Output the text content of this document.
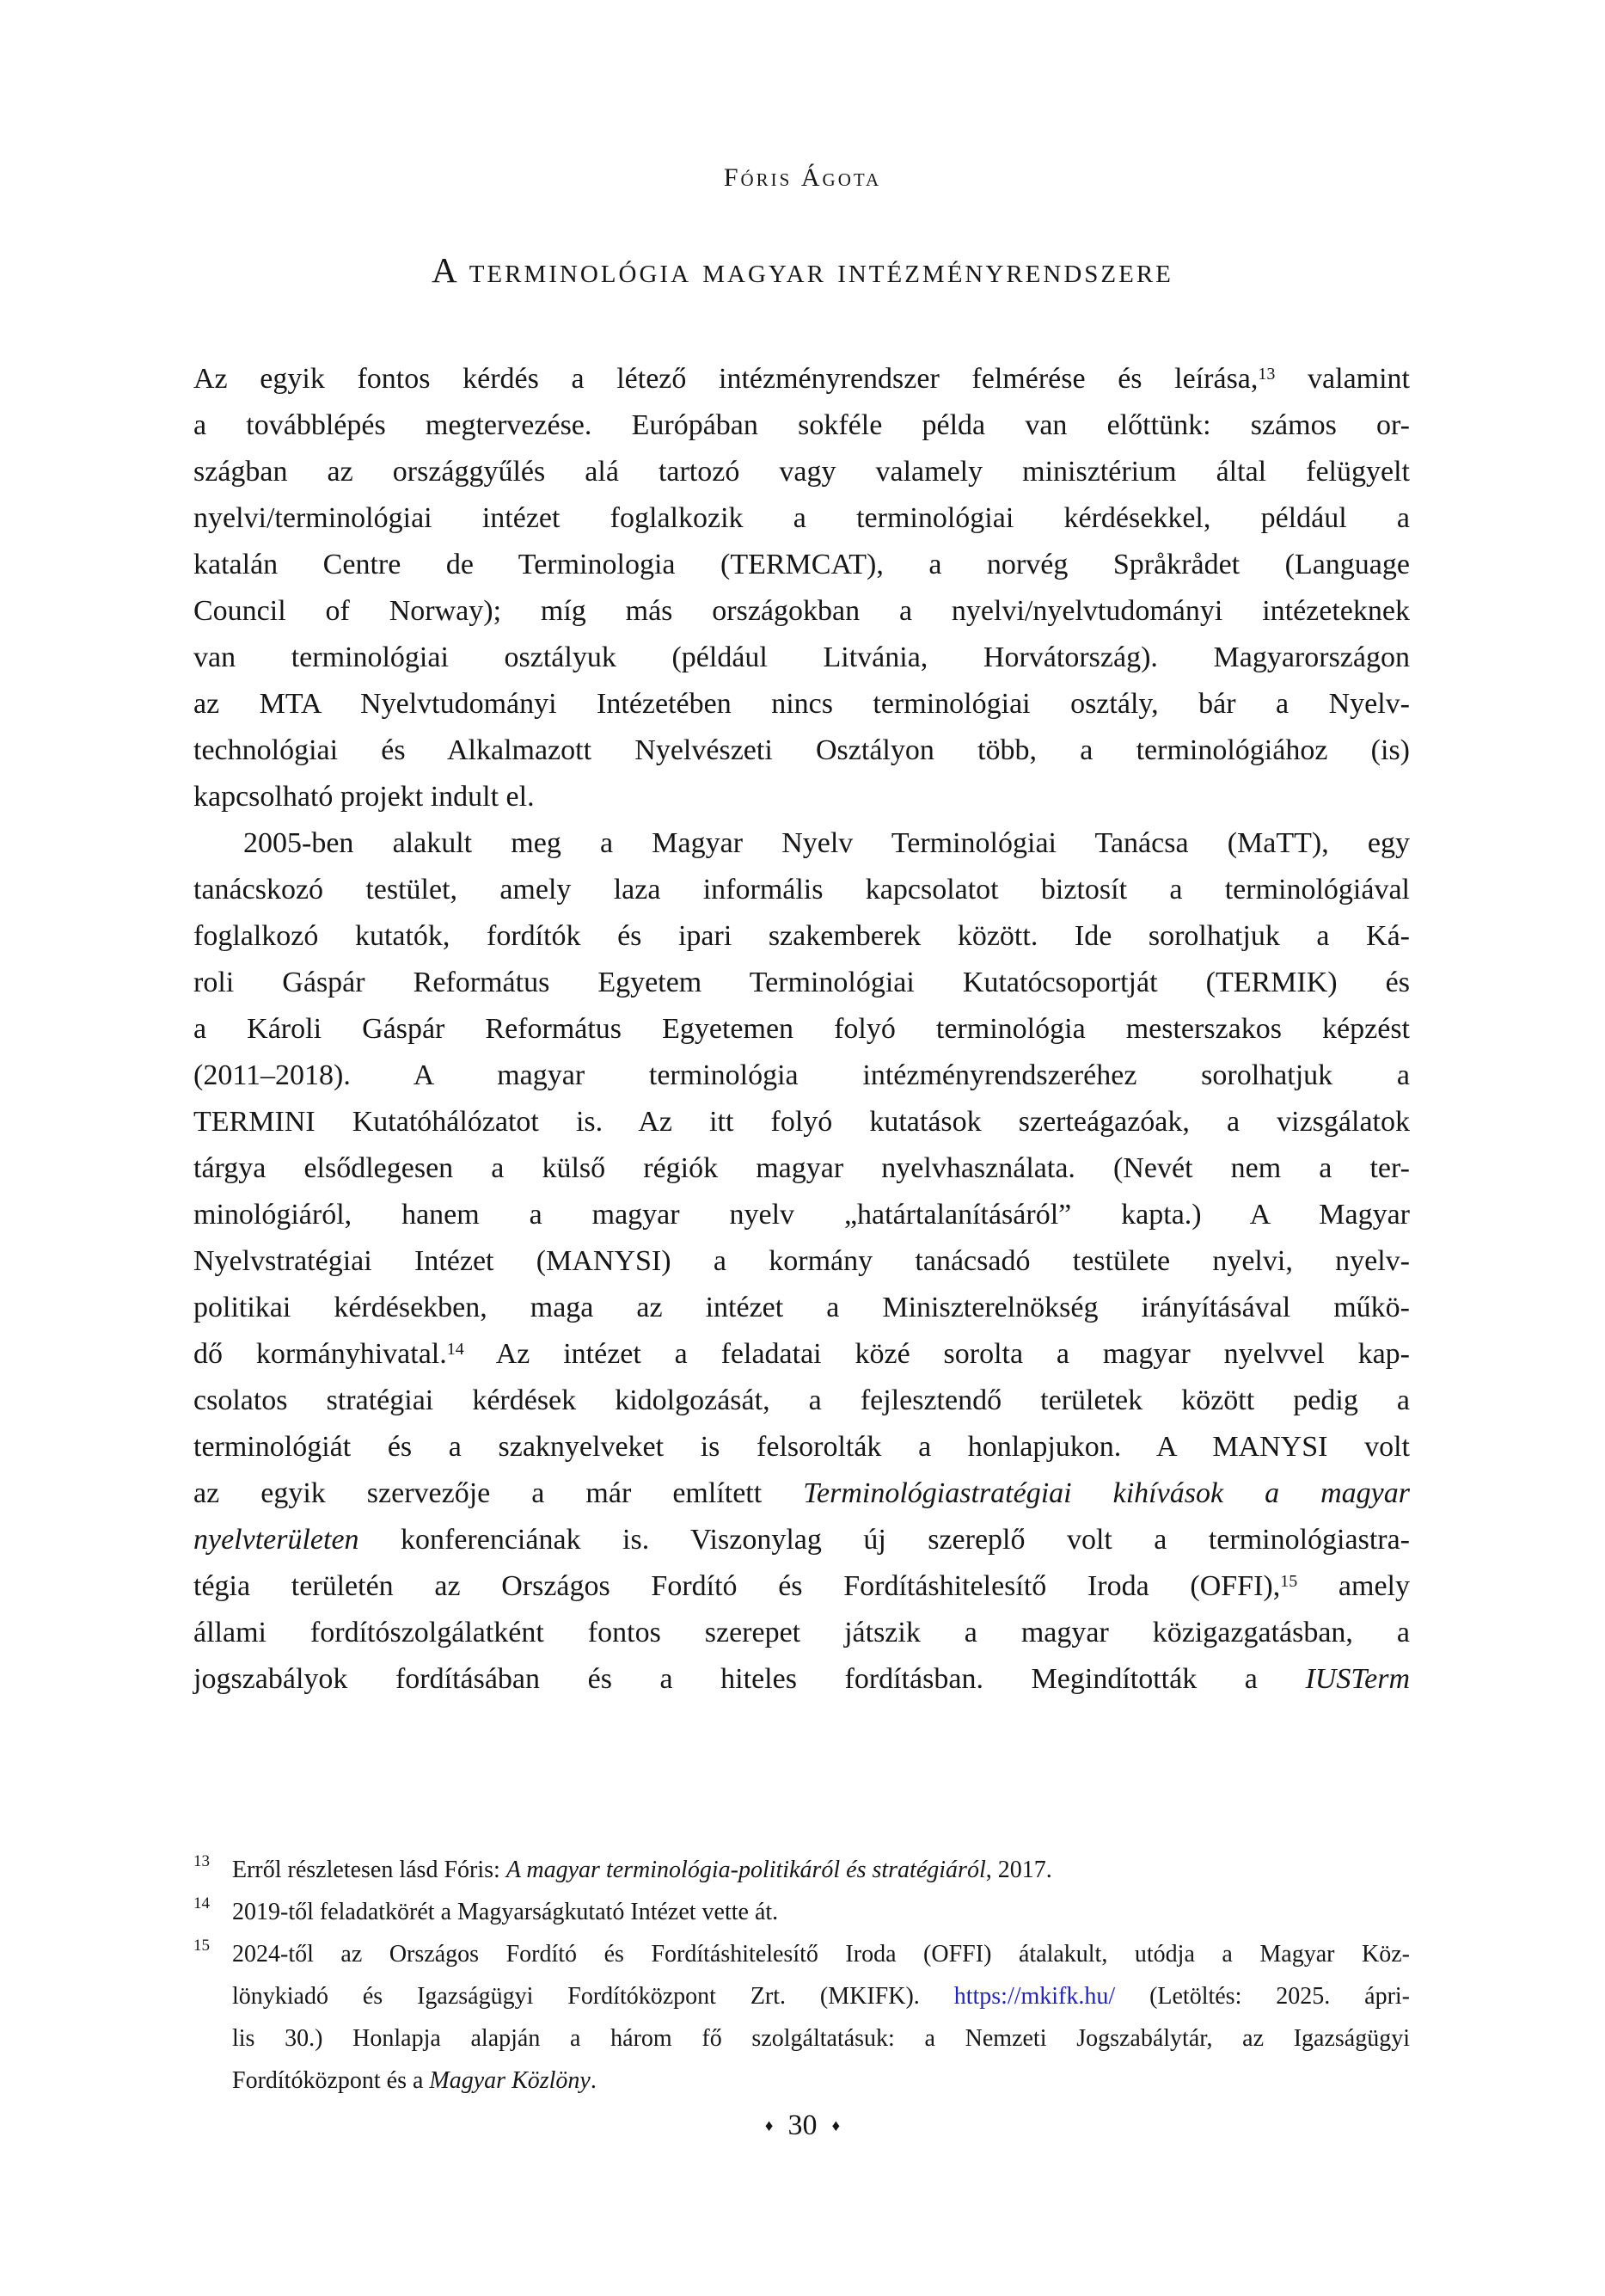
Fóris Ágota
A terminológia magyar intézményrendszere
Az egyik fontos kérdés a létező intézményrendszer felmérése és leírása,$^{13}$ valamint
a továbblépés megtervezése. Európában sokféle példa van előttünk: számos or-
szágban az országgyűlés alá tartozó vagy valamely minisztérium által felügyelt
nyelvi/terminológiai intézet foglalkozik a terminológiai kérdésekkel, például a
katalán Centre de Terminologia (TERMCAT), a norvég Språkrådet (Language
Council of Norway); míg más országokban a nyelvi/nyelvtudományi intézeteknek
van terminológiai osztályuk (például Litvánia, Horvátország). Magyarországon
az MTA Nyelvtudományi Intézetében nincs terminológiai osztály, bár a Nyelv-
technológiai és Alkalmazott Nyelvészeti Osztályon több, a terminológiához (is)
kapcsolható projekt indult el.
2005-ben alakult meg a Magyar Nyelv Terminológiai Tanácsa (MaTT), egy
tanácskozó testület, amely laza informális kapcsolatot biztosít a terminológiával
foglalkozó kutatók, fordítók és ipari szakemberek között. Ide sorolhatjuk a Ká-
roli Gáspár Református Egyetem Terminológiai Kutatócsoportját (TERMIK) és
a Károli Gáspár Református Egyetemen folyó terminológia mesterszakos képzést
(2011–2018). A magyar terminológia intézményrendszeréhez sorolhatjuk a
TERMINI Kutatóhálózatot is. Az itt folyó kutatások szerteágazóak, a vizsgálatok
tárgya elsődlegesen a külső régiók magyar nyelvhasználata. (Nevét nem a ter-
minológiáról, hanem a magyar nyelv „határtalanításáról” kapta.) A Magyar
Nyelvstratégiai Intézet (MANYSI) a kormány tanácsadó testülete nyelvi, nyelv-
politikai kérdésekben, maga az intézet a Miniszterelnökség irányításával műkö-
dő kormányhivatal.$^{14}$ Az intézet a feladatai közé sorolta a magyar nyelvvel kap-
csolatos stratégiai kérdések kidolgozását, a fejlesztendő területek között pedig a
terminológiát és a szaknyelveket is felsorolták a honlapjukon. A MANYSI volt
az egyik szervezője a már említett Terminológiastratégiai kihívások a magyar
nyelvterületen konferenciának is. Viszonylag új szereplő volt a terminológiastra-
tégia területén az Országos Fordító és Fordításhitelesítő Iroda (OFFI),$^{15}$ amely
állami fordítószolgálatként fontos szerepet játszik a magyar közigazgatásban, a
jogszabályok fordításában és a hiteles fordításban. Megindították a IUSTerm
13 Erről részletesen lásd Fóris: A magyar terminológia-politikáról és stratégiáról, 2017.
14 2019-től feladatkörét a Magyarságkutató Intézet vette át.
15 2024-től az Országos Fordító és Fordításhitelesítő Iroda (OFFI) átalakult, utódja a Magyar Köz-
lönykiadó és Igazságügyi Fordítóközpont Zrt. (MKIFK). https://mkifk.hu/ (Letöltés: 2025. ápri-
lis 30.) Honlapja alapján a három fő szolgáltatásuk: a Nemzeti Jogszabálytár, az Igazságügyi
Fordítóközpont és a Magyar Közlöny.
♦ 30 ♦
